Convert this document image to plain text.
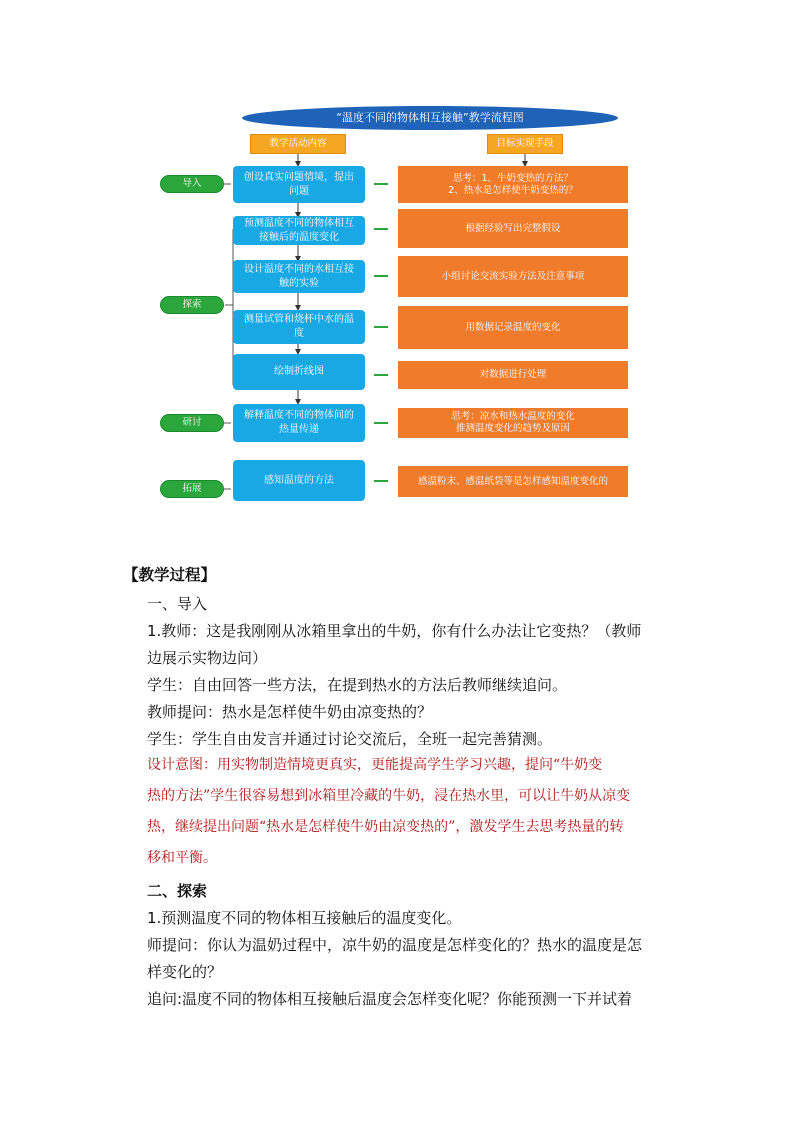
“温度不同的物体相互接触”教学流程图
教学活动内容	目标实现手段
导入
探索
研讨
拓展
创设真实问题情境，提出问题
预测温度不同的物体相互接触后的温度变化
设计温度不同的水相互接触的实验
测量试管和烧杯中水的温度
绘制折线图
解释温度不同的物体间的热量传递
感知温度的方法
思考：1、牛奶变热的方法？
2、热水是怎样使牛奶变热的？
根据经验写出完整假设
小组讨论交流实验方法及注意事项
用数据记录温度的变化
对数据进行处理
思考：凉水和热水温度的变化
推测温度变化的趋势及原因
感温粉末、感温纸袋等是怎样感知温度变化的
【教学过程】
一、导入
1.教师：这是我刚刚从冰箱里拿出的牛奶，你有什么办法让它变热？（教师
边展示实物边问）
学生：自由回答一些方法，在提到热水的方法后教师继续追问。
教师提问：热水是怎样使牛奶由凉变热的？
学生：学生自由发言并通过讨论交流后，全班一起完善猜测。
设计意图：用实物制造情境更真实，更能提高学生学习兴趣，提问“牛奶变
热的方法”学生很容易想到冰箱里冷藏的牛奶，浸在热水里，可以让牛奶从凉变
热，继续提出问题“热水是怎样使牛奶由凉变热的”，激发学生去思考热量的转
移和平衡。
二、探索
1.预测温度不同的物体相互接触后的温度变化。
师提问：你认为温奶过程中，凉牛奶的温度是怎样变化的？热水的温度是怎
样变化的？
追问:温度不同的物体相互接触后温度会怎样变化呢？你能预测一下并试着
